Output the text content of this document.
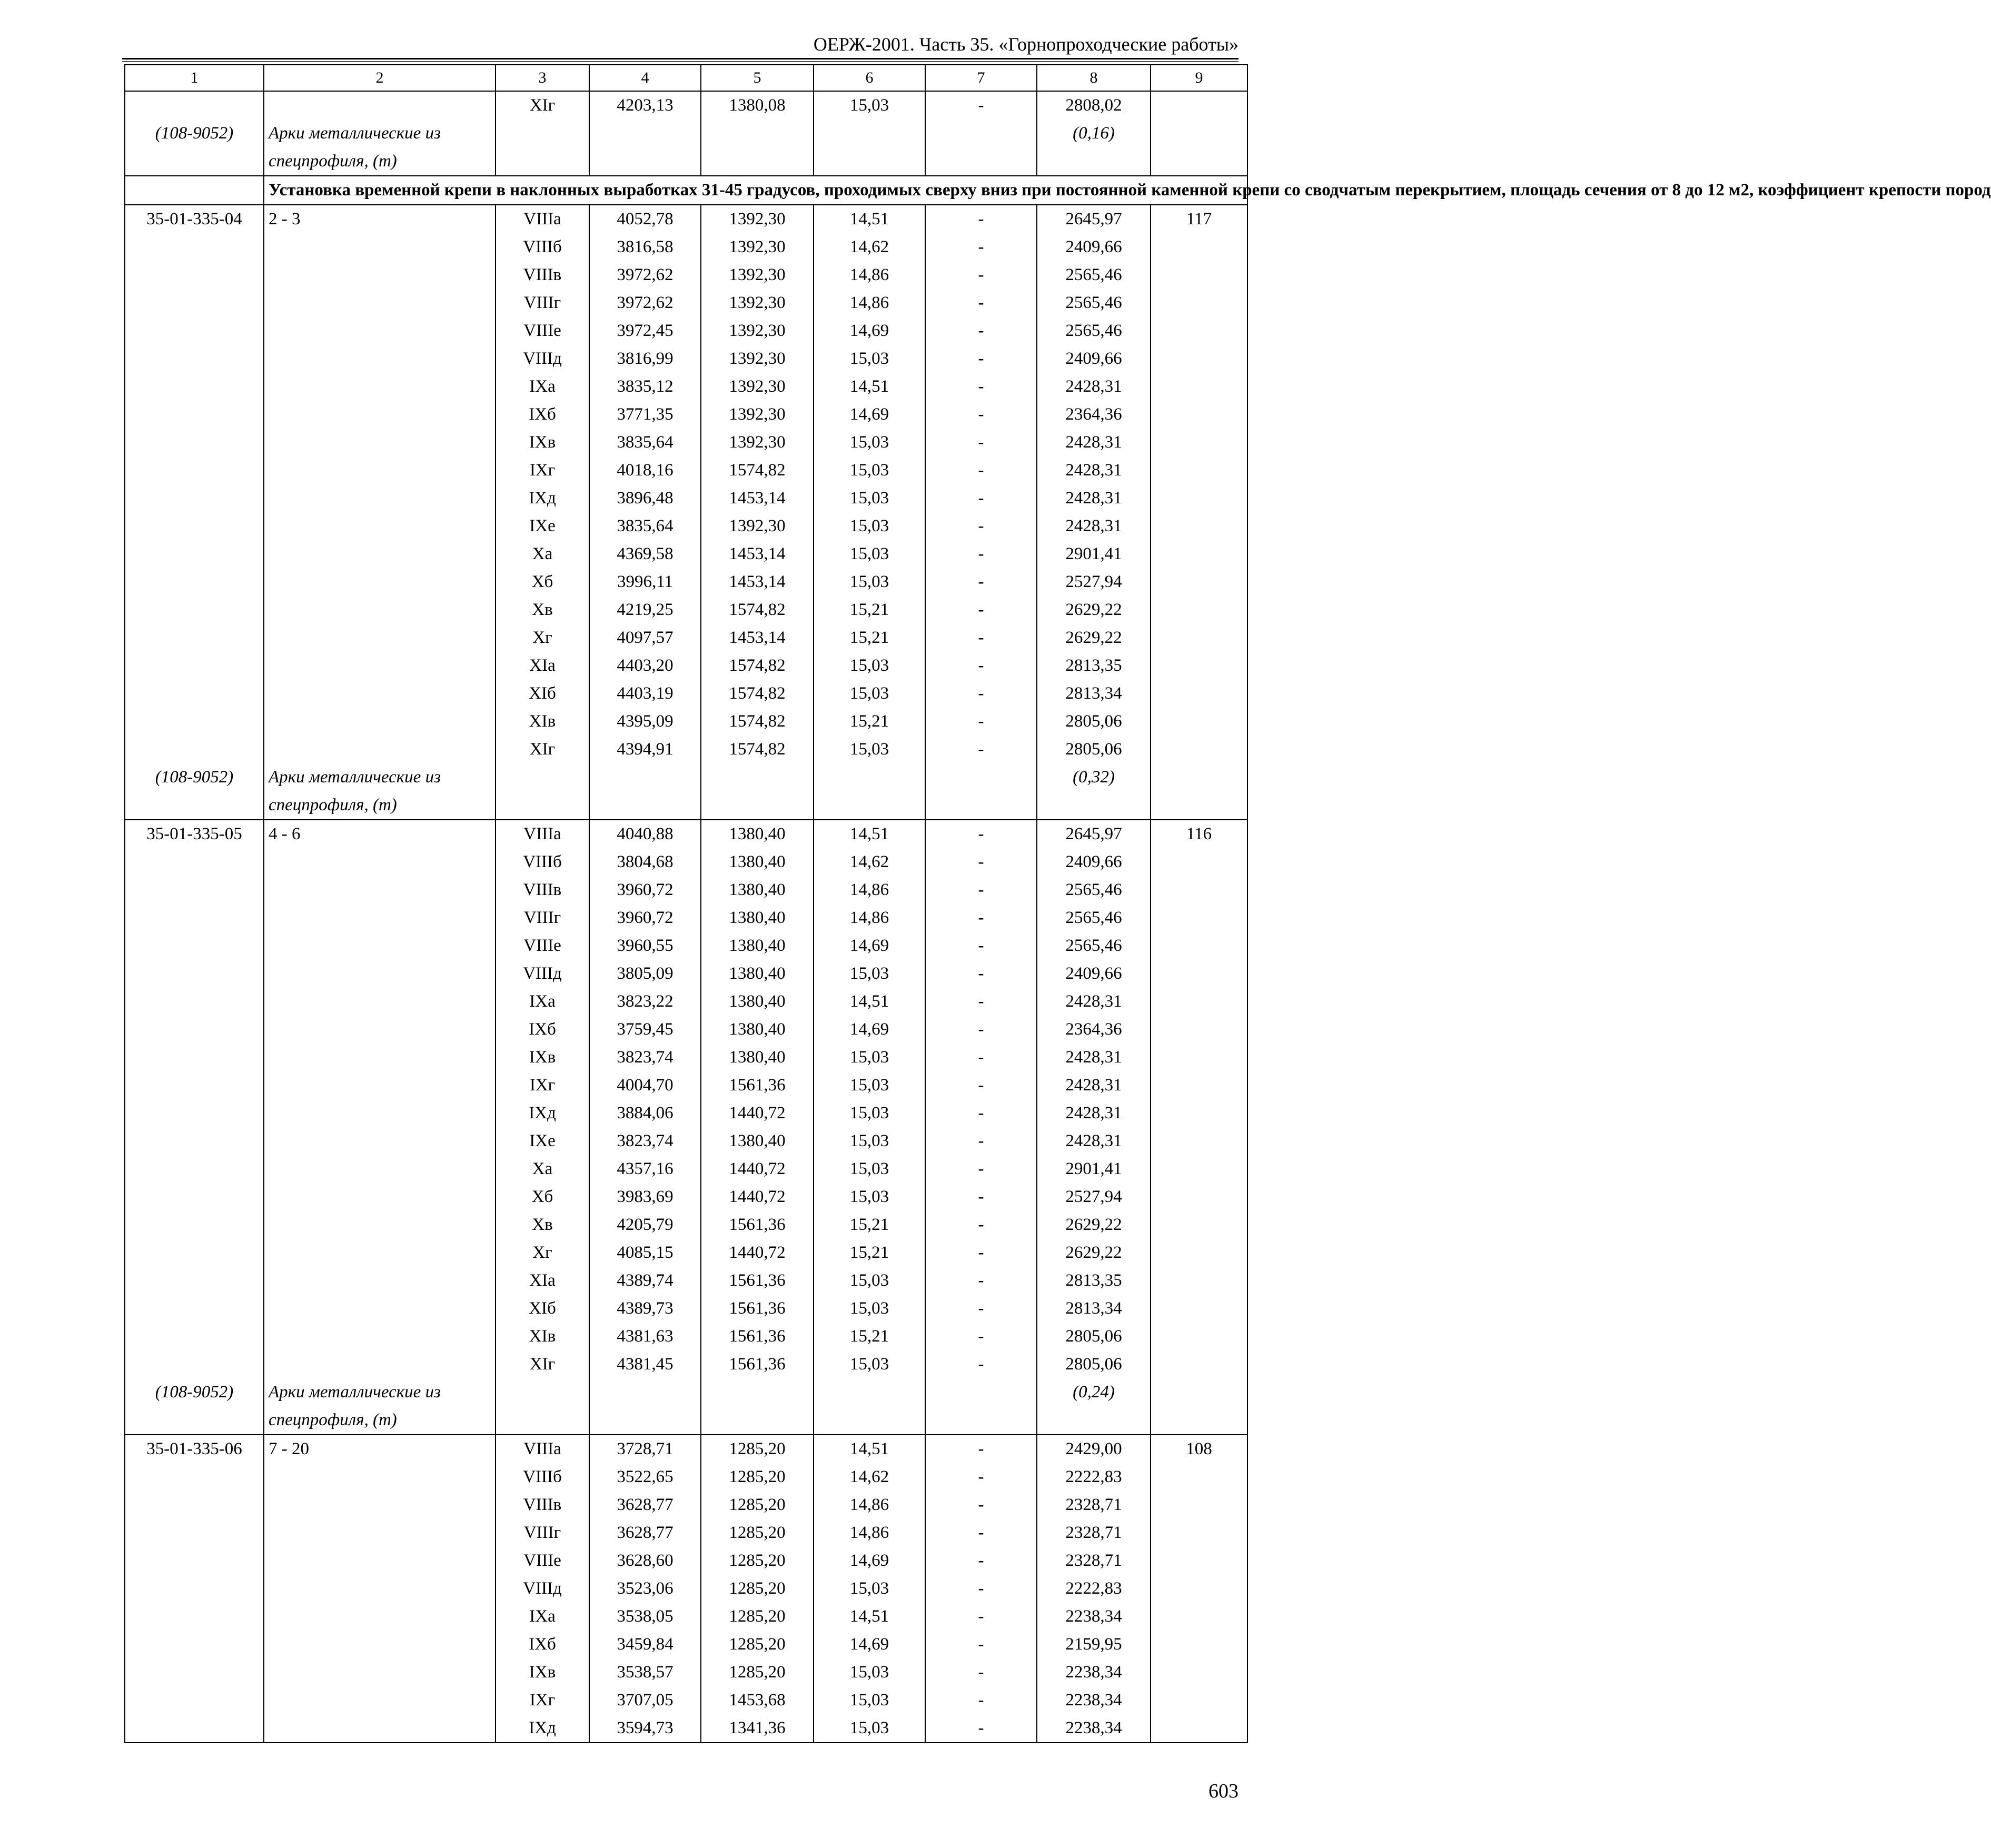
ОЕРЖ-2001. Часть 35. «Горнопроходческие работы»
1	2	3	4	5	6	7	8	9
		XIг	4203,13	1380,08	15,03	-	2808,02	
(108-9052)	Арки металлические из						(0,16)	
	спецпрофиля, (т)							
	Установка временной крепи в наклонных выработках 31-45 градусов, проходимых сверху вниз при постоянной каменной крепи со сводчатым перекрытием, площадь сечения от 8 до 12 м2, коэффициент крепости пород							
35-01-335-04	2 - 3	VIIIа	4052,78	1392,30	14,51	-	2645,97	117
		VIIIб	3816,58	1392,30	14,62	-	2409,66	
		VIIIв	3972,62	1392,30	14,86	-	2565,46	
		VIIIг	3972,62	1392,30	14,86	-	2565,46	
		VIIIе	3972,45	1392,30	14,69	-	2565,46	
		VIIIд	3816,99	1392,30	15,03	-	2409,66	
		IXа	3835,12	1392,30	14,51	-	2428,31	
		IXб	3771,35	1392,30	14,69	-	2364,36	
		IXв	3835,64	1392,30	15,03	-	2428,31	
		IXг	4018,16	1574,82	15,03	-	2428,31	
		IXд	3896,48	1453,14	15,03	-	2428,31	
		IXе	3835,64	1392,30	15,03	-	2428,31	
		Xа	4369,58	1453,14	15,03	-	2901,41	
		Xб	3996,11	1453,14	15,03	-	2527,94	
		Xв	4219,25	1574,82	15,21	-	2629,22	
		Xг	4097,57	1453,14	15,21	-	2629,22	
		XIа	4403,20	1574,82	15,03	-	2813,35	
		XIб	4403,19	1574,82	15,03	-	2813,34	
		XIв	4395,09	1574,82	15,21	-	2805,06	
		XIг	4394,91	1574,82	15,03	-	2805,06	
(108-9052)	Арки металлические из						(0,32)	
	спецпрофиля, (т)							
35-01-335-05	4 - 6	VIIIа	4040,88	1380,40	14,51	-	2645,97	116
		VIIIб	3804,68	1380,40	14,62	-	2409,66	
		VIIIв	3960,72	1380,40	14,86	-	2565,46	
		VIIIг	3960,72	1380,40	14,86	-	2565,46	
		VIIIе	3960,55	1380,40	14,69	-	2565,46	
		VIIIд	3805,09	1380,40	15,03	-	2409,66	
		IXа	3823,22	1380,40	14,51	-	2428,31	
		IXб	3759,45	1380,40	14,69	-	2364,36	
		IXв	3823,74	1380,40	15,03	-	2428,31	
		IXг	4004,70	1561,36	15,03	-	2428,31	
		IXд	3884,06	1440,72	15,03	-	2428,31	
		IXе	3823,74	1380,40	15,03	-	2428,31	
		Xа	4357,16	1440,72	15,03	-	2901,41	
		Xб	3983,69	1440,72	15,03	-	2527,94	
		Xв	4205,79	1561,36	15,21	-	2629,22	
		Xг	4085,15	1440,72	15,21	-	2629,22	
		XIа	4389,74	1561,36	15,03	-	2813,35	
		XIб	4389,73	1561,36	15,03	-	2813,34	
		XIв	4381,63	1561,36	15,21	-	2805,06	
		XIг	4381,45	1561,36	15,03	-	2805,06	
(108-9052)	Арки металлические из						(0,24)	
	спецпрофиля, (т)							
35-01-335-06	7 - 20	VIIIа	3728,71	1285,20	14,51	-	2429,00	108
		VIIIб	3522,65	1285,20	14,62	-	2222,83	
		VIIIв	3628,77	1285,20	14,86	-	2328,71	
		VIIIг	3628,77	1285,20	14,86	-	2328,71	
		VIIIе	3628,60	1285,20	14,69	-	2328,71	
		VIIIд	3523,06	1285,20	15,03	-	2222,83	
		IXа	3538,05	1285,20	14,51	-	2238,34	
		IXб	3459,84	1285,20	14,69	-	2159,95	
		IXв	3538,57	1285,20	15,03	-	2238,34	
		IXг	3707,05	1453,68	15,03	-	2238,34	
		IXд	3594,73	1341,36	15,03	-	2238,34	
603
